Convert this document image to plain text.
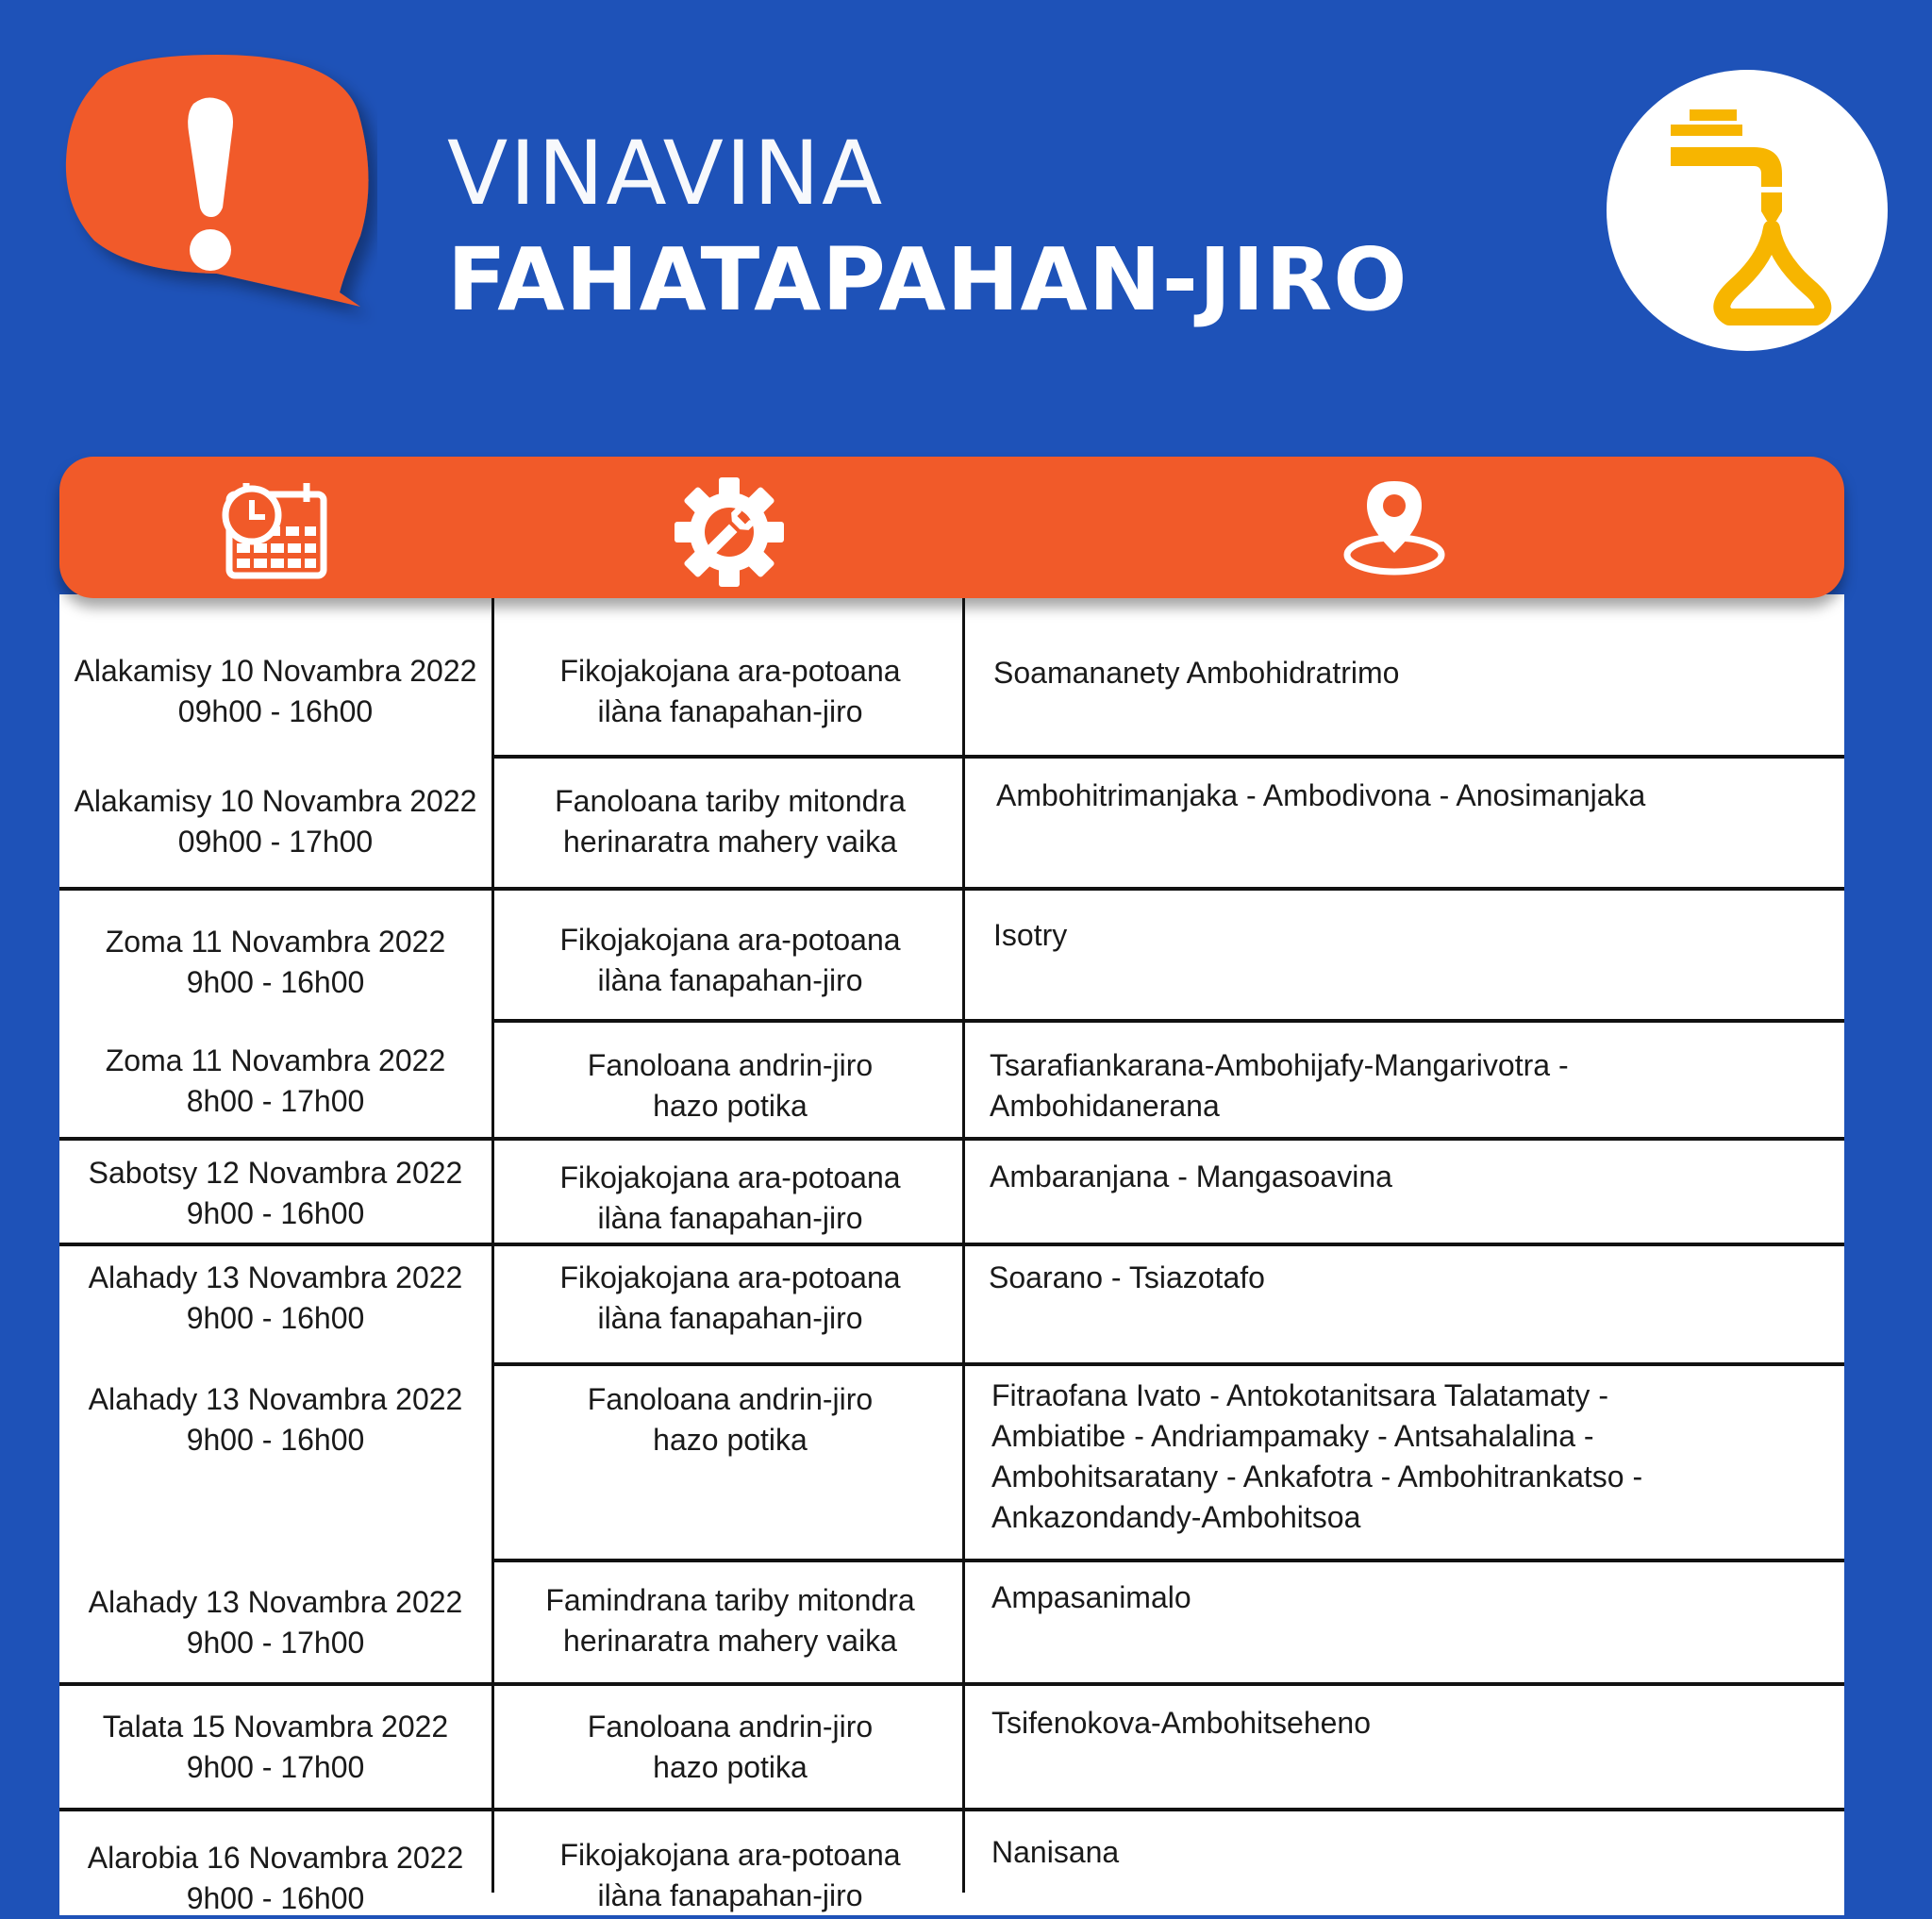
VINAVINA
FAHATAPAHAN-JIRO
Alakamisy 10 Novambra 2022
09h00 - 16h00
Fikojakojana ara-potoana
ilàna fanapahan-jiro
Soamananety Ambohidratrimo
Alakamisy 10 Novambra 2022
09h00 - 17h00
Fanoloana tariby mitondra
herinaratra mahery vaika
Ambohitrimanjaka - Ambodivona - Anosimanjaka
Zoma 11 Novambra 2022
9h00 - 16h00
Fikojakojana ara-potoana
ilàna fanapahan-jiro
Isotry
Zoma 11 Novambra 2022
8h00 - 17h00
Fanoloana andrin-jiro
hazo potika
Tsarafiankarana-Ambohijafy-Mangarivotra -
Ambohidanerana
Sabotsy 12 Novambra 2022
9h00 - 16h00
Fikojakojana ara-potoana
ilàna fanapahan-jiro
Ambaranjana - Mangasoavina
Alahady 13 Novambra 2022
9h00 - 16h00
Fikojakojana ara-potoana
ilàna fanapahan-jiro
Soarano - Tsiazotafo
Alahady 13 Novambra 2022
9h00 - 16h00
Fanoloana andrin-jiro
hazo potika
Fitraofana Ivato - Antokotanitsara Talatamaty -
Ambiatibe - Andriampamaky - Antsahalalina -
Ambohitsaratany - Ankafotra - Ambohitrankatso -
Ankazondandy-Ambohitsoa
Alahady 13 Novambra 2022
9h00 - 17h00
Famindrana tariby mitondra
herinaratra mahery vaika
Ampasanimalo
Talata 15 Novambra 2022
9h00 - 17h00
Fanoloana andrin-jiro
hazo potika
Tsifenokova-Ambohitseheno
Alarobia 16 Novambra 2022
9h00 - 16h00
Fikojakojana ara-potoana
ilàna fanapahan-jiro
Nanisana
